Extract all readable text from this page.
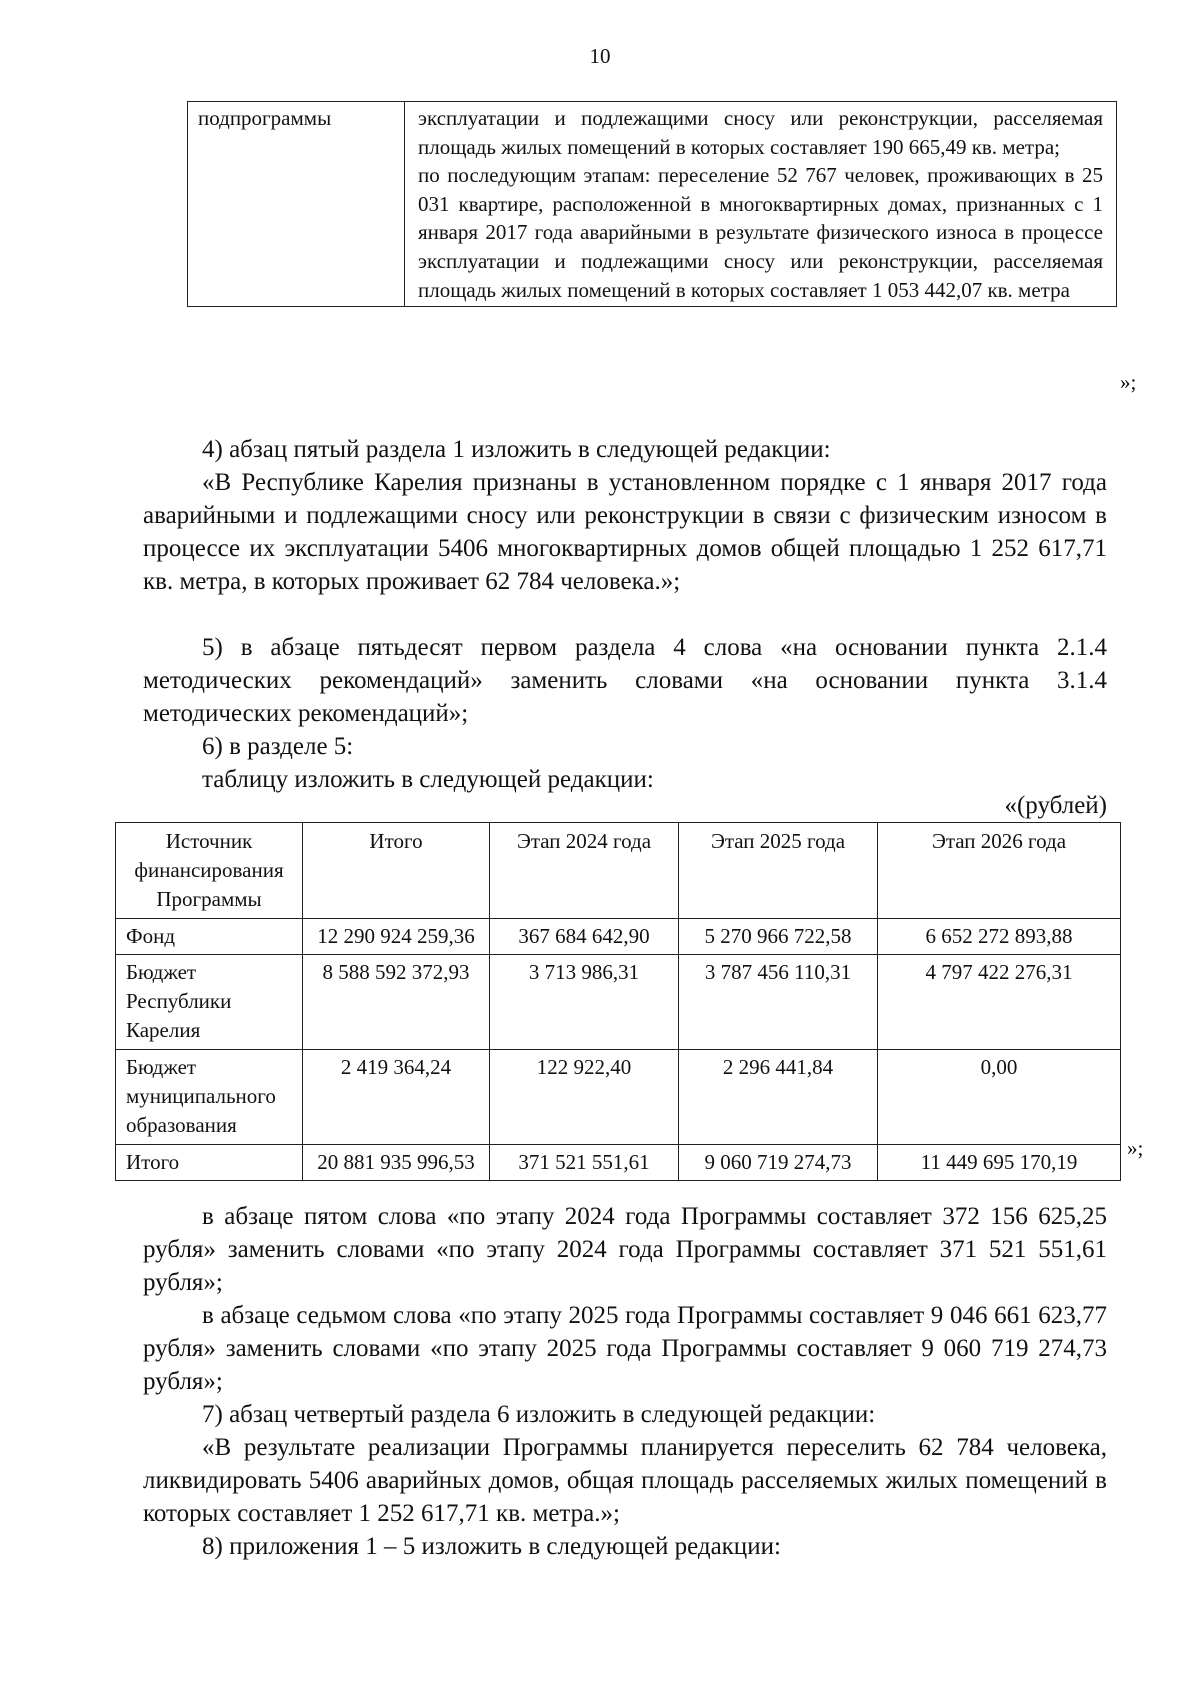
10
подпрограммы	эксплуатации и подлежащими сносу или реконструкции, расселяемая площадь жилых помещений в которых составляет 190 665,49 кв. метра;
по последующим этапам: переселение 52 767 человек, проживающих в 25 031 квартире, расположенной в многоквартирных домах, признанных с 1 января 2017 года аварийными в результате физического износа в процессе эксплуатации и подлежащими сносу или реконструкции, расселяемая площадь жилых помещений в которых составляет 1 053 442,07 кв. метра
»;
4) абзац пятый раздела 1 изложить в следующей редакции:
«В Республике Карелия признаны в установленном порядке с 1 января 2017 года аварийными и подлежащими сносу или реконструкции в связи с физическим износом в процессе их эксплуатации 5406 многоквартирных домов общей площадью 1 252 617,71 кв. метра, в которых проживает 62 784 человека.»;
5) в абзаце пятьдесят первом раздела 4 слова «на основании пункта 2.1.4 методических рекомендаций» заменить словами «на основании пункта 3.1.4 методических рекомендаций»;
6) в разделе 5:
таблицу изложить в следующей редакции:
«(рублей)
Источник финансирования Программы	Итого	Этап 2024 года	Этап 2025 года	Этап 2026 года
Фонд	12 290 924 259,36	367 684 642,90	5 270 966 722,58	6 652 272 893,88
Бюджет Республики Карелия	8 588 592 372,93	3 713 986,31	3 787 456 110,31	4 797 422 276,31
Бюджет муниципального образования	2 419 364,24	122 922,40	2 296 441,84	0,00
Итого	20 881 935 996,53	371 521 551,61	9 060 719 274,73	11 449 695 170,19
»;
в абзаце пятом слова «по этапу 2024 года Программы составляет 372 156 625,25 рубля» заменить словами «по этапу 2024 года Программы составляет 371 521 551,61 рубля»;
в абзаце седьмом слова «по этапу 2025 года Программы составляет 9 046 661 623,77 рубля» заменить словами «по этапу 2025 года Программы составляет 9 060 719 274,73 рубля»;
7) абзац четвертый раздела 6 изложить в следующей редакции:
«В результате реализации Программы планируется переселить 62 784 человека, ликвидировать 5406 аварийных домов, общая площадь расселяемых жилых помещений в которых составляет 1 252 617,71 кв. метра.»;
8) приложения 1 – 5 изложить в следующей редакции:
